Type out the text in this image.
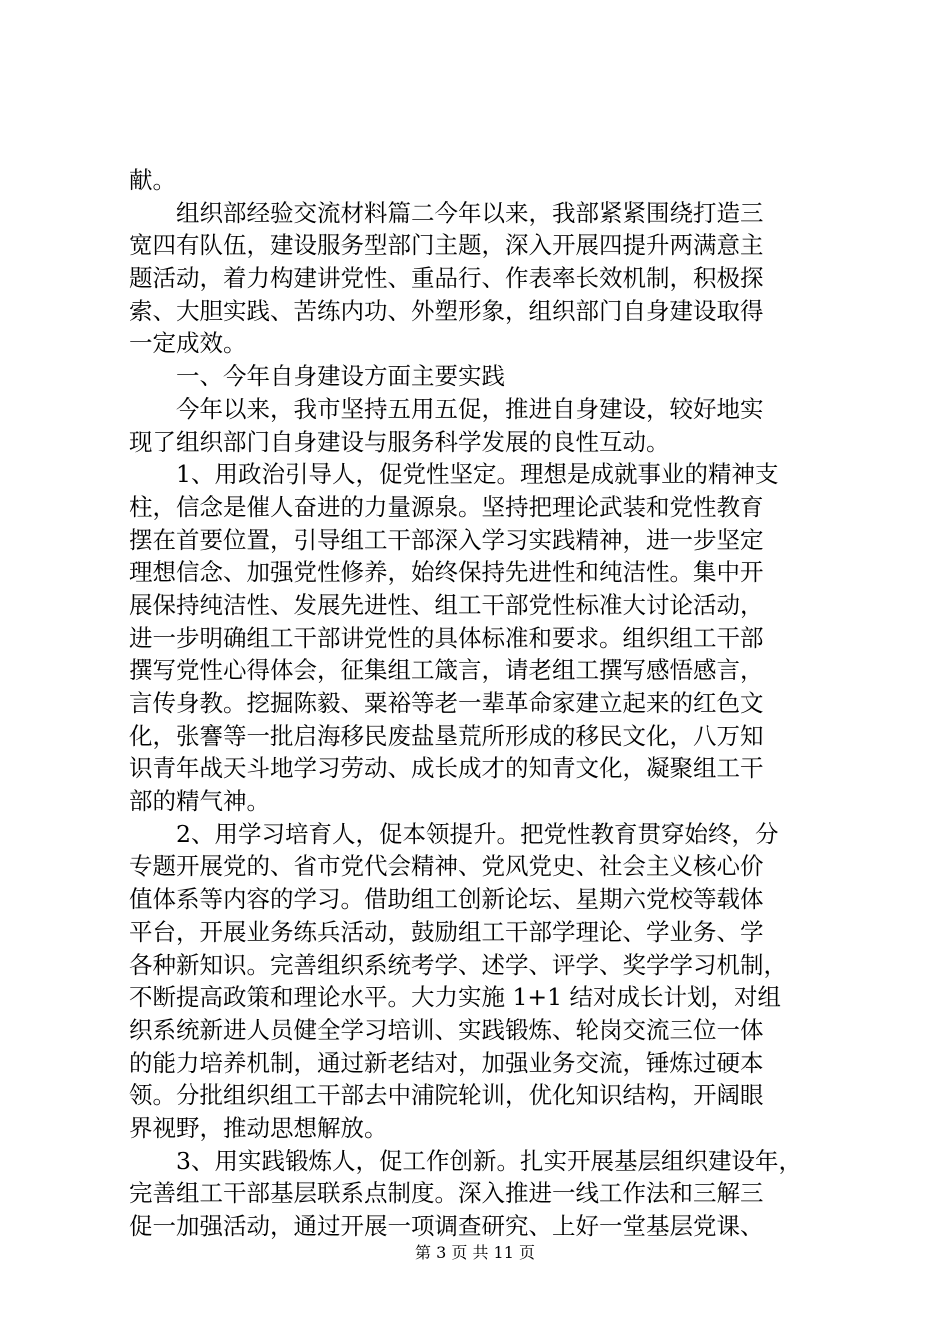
献。
　　组织部经验交流材料篇二今年以来，我部紧紧围绕打造三
宽四有队伍，建设服务型部门主题，深入开展四提升两满意主
题活动，着力构建讲党性、重品行、作表率长效机制，积极探
索、大胆实践、苦练内功、外塑形象，组织部门自身建设取得
一定成效。
　　一、今年自身建设方面主要实践
　　今年以来，我市坚持五用五促，推进自身建设，较好地实
现了组织部门自身建设与服务科学发展的良性互动。
　　1、用政治引导人，促党性坚定。理想是成就事业的精神支
柱，信念是催人奋进的力量源泉。坚持把理论武装和党性教育
摆在首要位置，引导组工干部深入学习实践精神，进一步坚定
理想信念、加强党性修养，始终保持先进性和纯洁性。集中开
展保持纯洁性、发展先进性、组工干部党性标准大讨论活动，
进一步明确组工干部讲党性的具体标准和要求。组织组工干部
撰写党性心得体会，征集组工箴言，请老组工撰写感悟感言，
言传身教。挖掘陈毅、粟裕等老一辈革命家建立起来的红色文
化，张謇等一批启海移民废盐垦荒所形成的移民文化，八万知
识青年战天斗地学习劳动、成长成才的知青文化，凝聚组工干
部的精气神。
　　2、用学习培育人，促本领提升。把党性教育贯穿始终，分
专题开展党的、省市党代会精神、党风党史、社会主义核心价
值体系等内容的学习。借助组工创新论坛、星期六党校等载体
平台，开展业务练兵活动，鼓励组工干部学理论、学业务、学
各种新知识。完善组织系统考学、述学、评学、奖学学习机制，
不断提高政策和理论水平。大力实施 1+1 结对成长计划，对组
织系统新进人员健全学习培训、实践锻炼、轮岗交流三位一体
的能力培养机制，通过新老结对，加强业务交流，锤炼过硬本
领。分批组织组工干部去中浦院轮训，优化知识结构，开阔眼
界视野，推动思想解放。
　　3、用实践锻炼人，促工作创新。扎实开展基层组织建设年，
完善组工干部基层联系点制度。深入推进一线工作法和三解三
促一加强活动，通过开展一项调查研究、上好一堂基层党课、
第 3 页 共 11 页
